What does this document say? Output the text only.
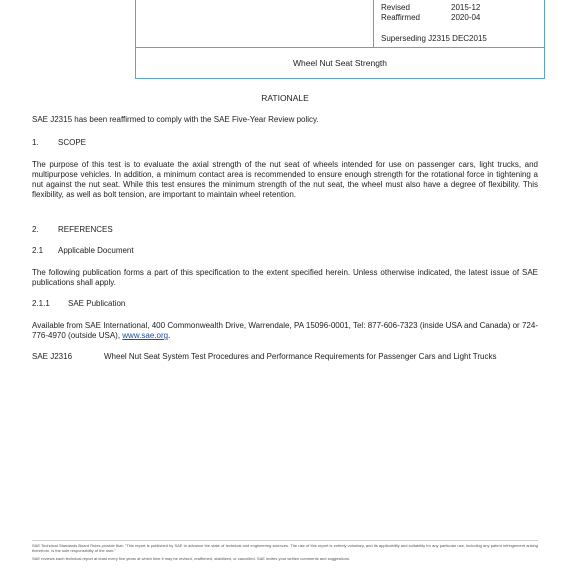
Revised	2015-12
Reaffirmed	2020-04
Superseding J2315 DEC2015
Wheel Nut Seat Strength
RATIONALE
SAE J2315 has been reaffirmed to comply with the SAE Five-Year Review policy.
1. SCOPE
The purpose of this test is to evaluate the axial strength of the nut seat of wheels intended for use on passenger cars, light trucks, and multipurpose vehicles. In addition, a minimum contact area is recommended to ensure enough strength for the rotational force in tightening a nut against the nut seat. While this test ensures the minimum strength of the nut seat, the wheel must also have a degree of flexibility. This flexibility, as well as bolt tension, are important to maintain wheel retention.
2. REFERENCES
2.1 Applicable Document
The following publication forms a part of this specification to the extent specified herein. Unless otherwise indicated, the latest issue of SAE publications shall apply.
2.1.1 SAE Publication
Available from SAE International, 400 Commonwealth Drive, Warrendale, PA 15096-0001, Tel: 877-606-7323 (inside USA and Canada) or 724-776-4970 (outside USA), www.sae.org.
SAE J2316	Wheel Nut Seat System Test Procedures and Performance Requirements for Passenger Cars and Light Trucks
SAE Technical Standards Board Rules provide that: "This report is published by SAE to advance the state of technical and engineering sciences. The use of this report is entirely voluntary, and its applicability and suitability for any particular use, including any patent infringement arising therefrom, is the sole responsibility of the user."
SAE reviews each technical report at least every five years at which time it may be revised, reaffirmed, stabilized, or cancelled. SAE invites your written comments and suggestions.
